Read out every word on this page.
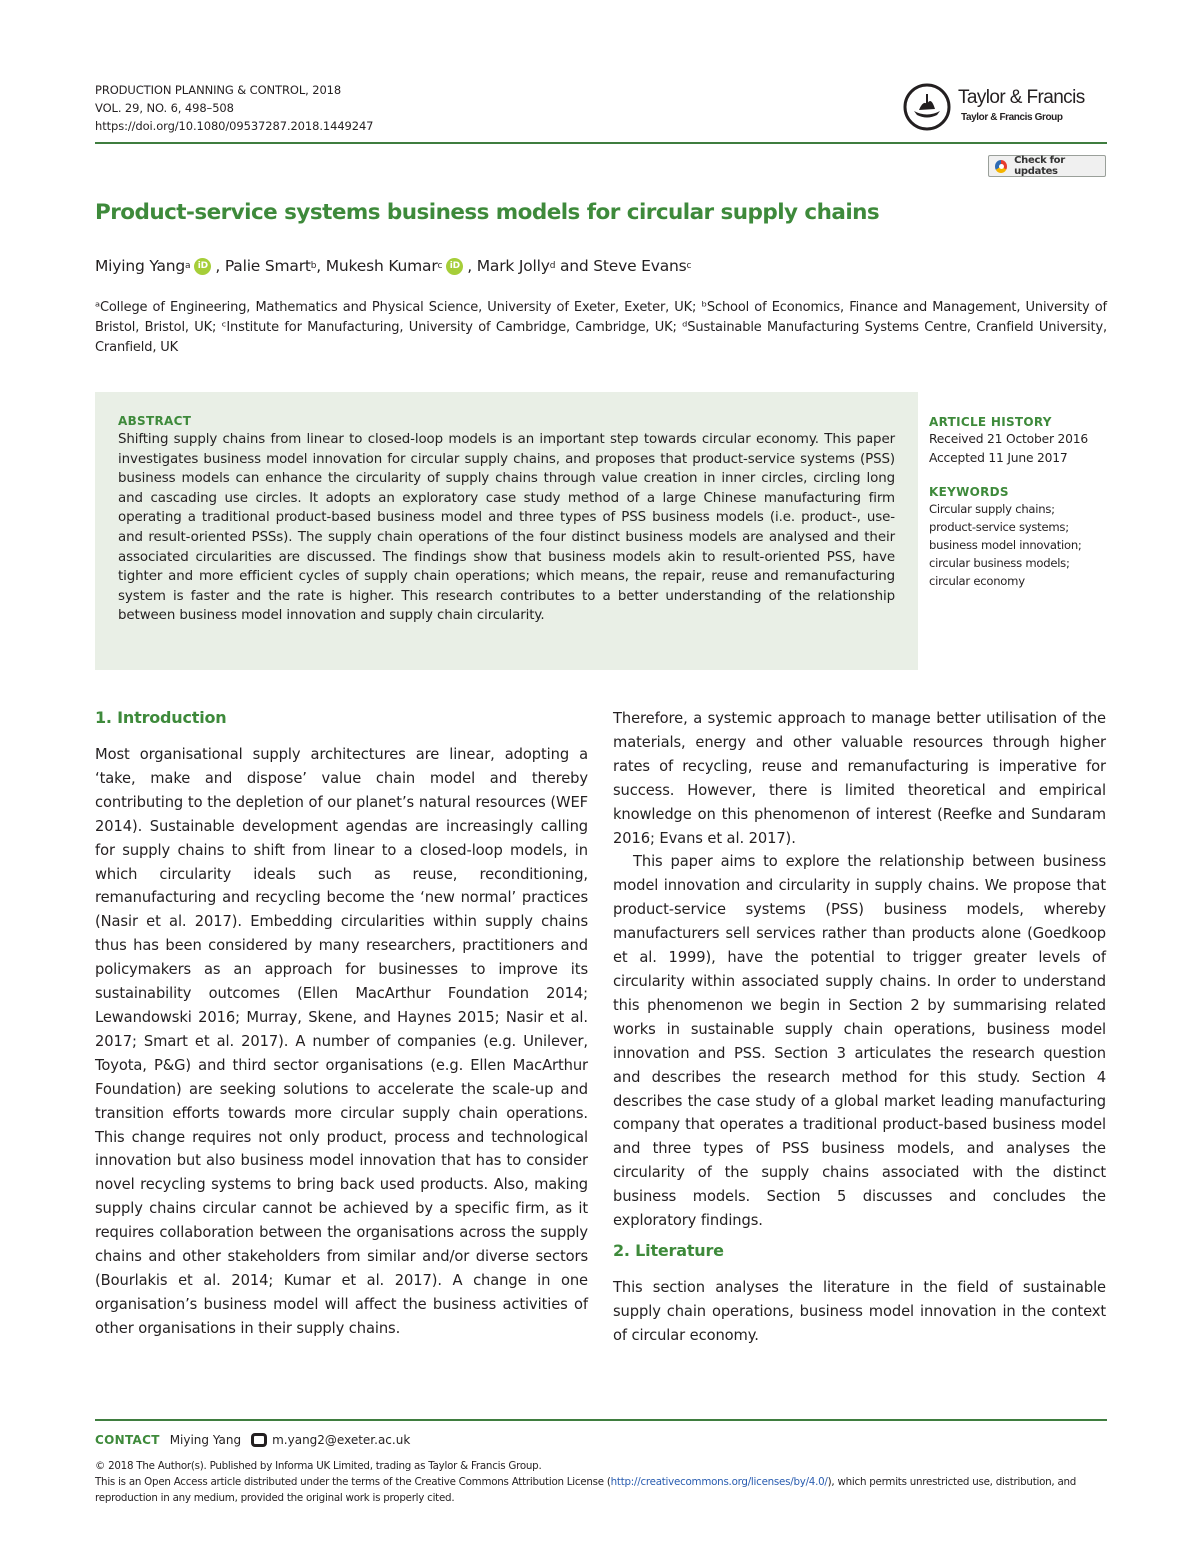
PRODUCTION PLANNING & CONTROL, 2018
VOL. 29, NO. 6, 498–508
https://doi.org/10.1080/09537287.2018.1449247
Taylor & Francis
Taylor & Francis Group
Check for updates
Product-service systems business models for circular supply chains
Miying Yang a iD , Palie Smart b , Mukesh Kumar c iD , Mark Jolly d and Steve Evans c
ᵃCollege of Engineering, Mathematics and Physical Science, University of Exeter, Exeter, UK; ᵇSchool of Economics, Finance and Management, University of Bristol, Bristol, UK; ᶜInstitute for Manufacturing, University of Cambridge, Cambridge, UK; ᵈSustainable Manufacturing Systems Centre, Cranfield University, Cranfield, UK
ABSTRACT
Shifting supply chains from linear to closed-loop models is an important step towards circular economy. This paper investigates business model innovation for circular supply chains, and proposes that product-service systems (PSS) business models can enhance the circularity of supply chains through value creation in inner circles, circling long and cascading use circles. It adopts an exploratory case study method of a large Chinese manufacturing firm operating a traditional product-based business model and three types of PSS business models (i.e. product-, use- and result-oriented PSSs). The supply chain operations of the four distinct business models are analysed and their associated circularities are discussed. The findings show that business models akin to result-oriented PSS, have tighter and more efficient cycles of supply chain operations; which means, the repair, reuse and remanufacturing system is faster and the rate is higher. This research contributes to a better understanding of the relationship between business model innovation and supply chain circularity.
ARTICLE HISTORY
Received 21 October 2016
Accepted 11 June 2017
KEYWORDS
Circular supply chains;
product-service systems;
business model innovation;
circular business models;
circular economy
1. Introduction

Most organisational supply architectures are linear, adopting a ‘take, make and dispose’ value chain model and thereby contributing to the depletion of our planet’s natural resources (WEF 2014). Sustainable development agendas are increasingly calling for supply chains to shift from linear to a closed-loop models, in which circularity ideals such as reuse, reconditioning, remanufacturing and recycling become the ‘new normal’ practices (Nasir et al. 2017). Embedding circularities within supply chains thus has been considered by many researchers, practitioners and policymakers as an approach for businesses to improve its sustainability outcomes (Ellen MacArthur Foundation 2014; Lewandowski 2016; Murray, Skene, and Haynes 2015; Nasir et al. 2017; Smart et al. 2017). A number of companies (e.g. Unilever, Toyota, P&G) and third sector organisations (e.g. Ellen MacArthur Foundation) are seeking solutions to accelerate the scale-up and transition efforts towards more circular supply chain operations. This change requires not only product, process and technological innovation but also business model innovation that has to consider novel recycling systems to bring back used products. Also, making supply chains circular cannot be achieved by a specific firm, as it requires collaboration between the organisations across the supply chains and other stakeholders from similar and/or diverse sectors (Bourlakis et al. 2014; Kumar et al. 2017). A change in one organisation’s business model will affect the business activities of other organisations in their supply chains.

Therefore, a systemic approach to manage better utilisation of the materials, energy and other valuable resources through higher rates of recycling, reuse and remanufacturing is imperative for success. However, there is limited theoretical and empirical knowledge on this phenomenon of interest (Reefke and Sundaram 2016; Evans et al. 2017).

This paper aims to explore the relationship between business model innovation and circularity in supply chains. We propose that product-service systems (PSS) business models, whereby manufacturers sell services rather than products alone (Goedkoop et al. 1999), have the potential to trigger greater levels of circularity within associated supply chains. In order to understand this phenomenon we begin in Section 2 by summarising related works in sustainable supply chain operations, business model innovation and PSS. Section 3 articulates the research question and describes the research method for this study. Section 4 describes the case study of a global market leading manufacturing company that operates a traditional product-based business model and three types of PSS business models, and analyses the circularity of the supply chains associated with the distinct business models. Section 5 discusses and concludes the exploratory findings.

2. Literature

This section analyses the literature in the field of sustainable supply chain operations, business model innovation in the context of circular economy.

CONTACT Miying Yang	m.yang2@exeter.ac.uk
© 2018 The Author(s). Published by Informa UK Limited, trading as Taylor & Francis Group.
This is an Open Access article distributed under the terms of the Creative Commons Attribution License (http://creativecommons.org/licenses/by/4.0/), which permits unrestricted use, distribution, and reproduction in any medium, provided the original work is properly cited.
